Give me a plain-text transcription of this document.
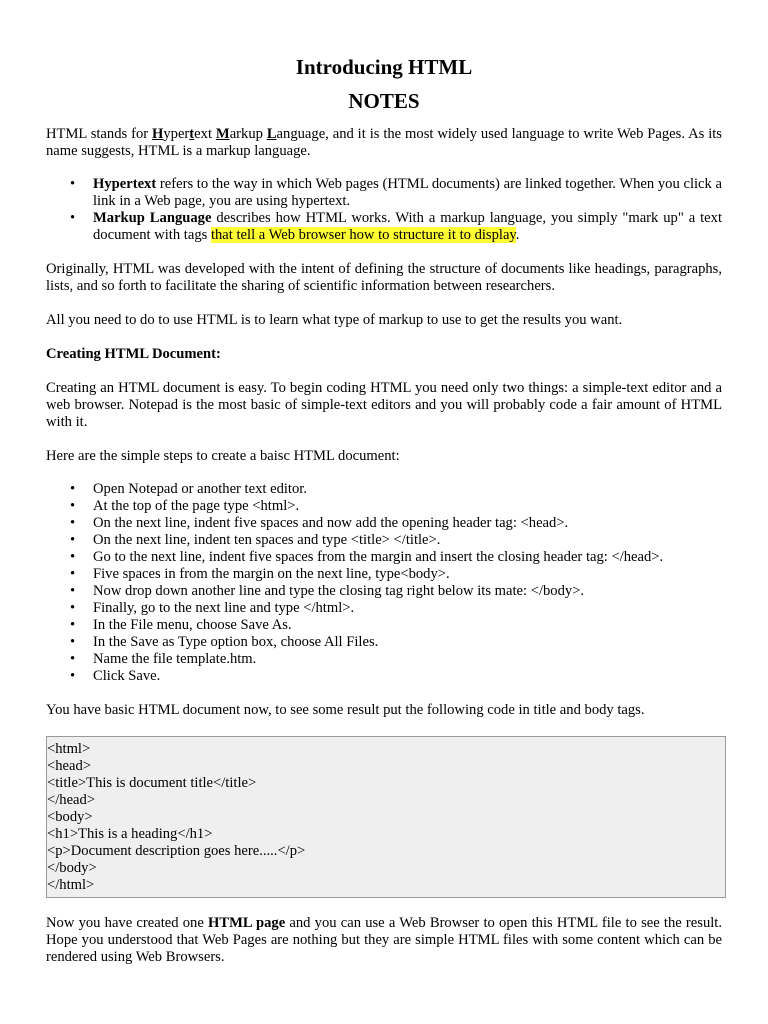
Introducing HTML
NOTES

HTML stands for Hypertext Markup Language, and it is the most widely used language to write Web Pages. As its name suggests, HTML is a markup language.

• Hypertext refers to the way in which Web pages (HTML documents) are linked together. When you click a link in a Web page, you are using hypertext.
• Markup Language describes how HTML works. With a markup language, you simply "mark up" a text document with tags that tell a Web browser how to structure it to display.

Originally, HTML was developed with the intent of defining the structure of documents like headings, paragraphs, lists, and so forth to facilitate the sharing of scientific information between researchers.

All you need to do to use HTML is to learn what type of markup to use to get the results you want.

Creating HTML Document:

Creating an HTML document is easy. To begin coding HTML you need only two things: a simple-text editor and a web browser. Notepad is the most basic of simple-text editors and you will probably code a fair amount of HTML with it.

Here are the simple steps to create a baisc HTML document:

• Open Notepad or another text editor.
• At the top of the page type <html>.
• On the next line, indent five spaces and now add the opening header tag: <head>.
• On the next line, indent ten spaces and type <title> </title>.
• Go to the next line, indent five spaces from the margin and insert the closing header tag: </head>.
• Five spaces in from the margin on the next line, type<body>.
• Now drop down another line and type the closing tag right below its mate: </body>.
• Finally, go to the next line and type </html>.
• In the File menu, choose Save As.
• In the Save as Type option box, choose All Files.
• Name the file template.htm.
• Click Save.

You have basic HTML document now, to see some result put the following code in title and body tags.

<html>
<head>
<title>This is document title</title>
</head>
<body>
<h1>This is a heading</h1>
<p>Document description goes here.....</p>
</body>
</html>

Now you have created one HTML page and you can use a Web Browser to open this HTML file to see the result. Hope you understood that Web Pages are nothing but they are simple HTML files with some content which can be rendered using Web Browsers.
